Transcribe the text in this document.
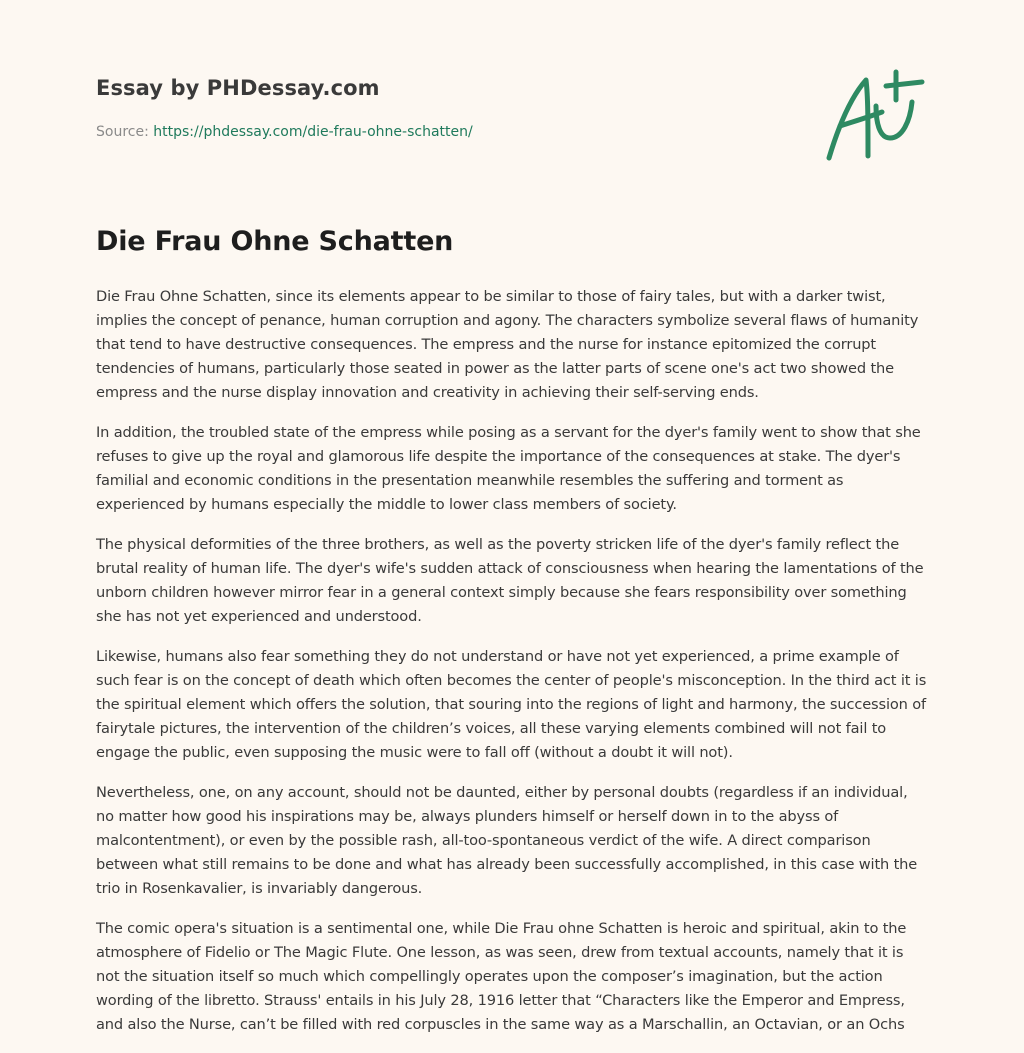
Essay by PHDessay.com
Source: https://phdessay.com/die-frau-ohne-schatten/
Die Frau Ohne Schatten

Die Frau Ohne Schatten, since its elements appear to be similar to those of fairy tales, but with a darker twist, implies the concept of penance, human corruption and agony. The characters symbolize several flaws of humanity that tend to have destructive consequences. The empress and the nurse for instance epitomized the corrupt tendencies of humans, particularly those seated in power as the latter parts of scene one's act two showed the empress and the nurse display innovation and creativity in achieving their self-serving ends.

In addition, the troubled state of the empress while posing as a servant for the dyer's family went to show that she refuses to give up the royal and glamorous life despite the importance of the consequences at stake. The dyer's familial and economic conditions in the presentation meanwhile resembles the suffering and torment as experienced by humans especially the middle to lower class members of society.

The physical deformities of the three brothers, as well as the poverty stricken life of the dyer's family reflect the brutal reality of human life. The dyer's wife's sudden attack of consciousness when hearing the lamentations of the unborn children however mirror fear in a general context simply because she fears responsibility over something she has not yet experienced and understood.

Likewise, humans also fear something they do not understand or have not yet experienced, a prime example of such fear is on the concept of death which often becomes the center of people's misconception. In the third act it is the spiritual element which offers the solution, that souring into the regions of light and harmony, the succession of fairytale pictures, the intervention of the children’s voices, all these varying elements combined will not fail to engage the public, even supposing the music were to fall off (without a doubt it will not).

Nevertheless, one, on any account, should not be daunted, either by personal doubts (regardless if an individual, no matter how good his inspirations may be, always plunders himself or herself down in to the abyss of malcontentment), or even by the possible rash, all-too-spontaneous verdict of the wife. A direct comparison between what still remains to be done and what has already been successfully accomplished, in this case with the trio in Rosenkavalier, is invariably dangerous.

The comic opera's situation is a sentimental one, while Die Frau ohne Schatten is heroic and spiritual, akin to the atmosphere of Fidelio or The Magic Flute. One lesson, as was seen, drew from textual accounts, namely that it is not the situation itself so much which compellingly operates upon the composer’s imagination, but the action wording of the libretto. Strauss' entails in his July 28, 1916 letter that “Characters like the Emperor and Empress, and also the Nurse, can’t be filled with red corpuscles in the same way as a Marschallin, an Octavian, or an Ochs
